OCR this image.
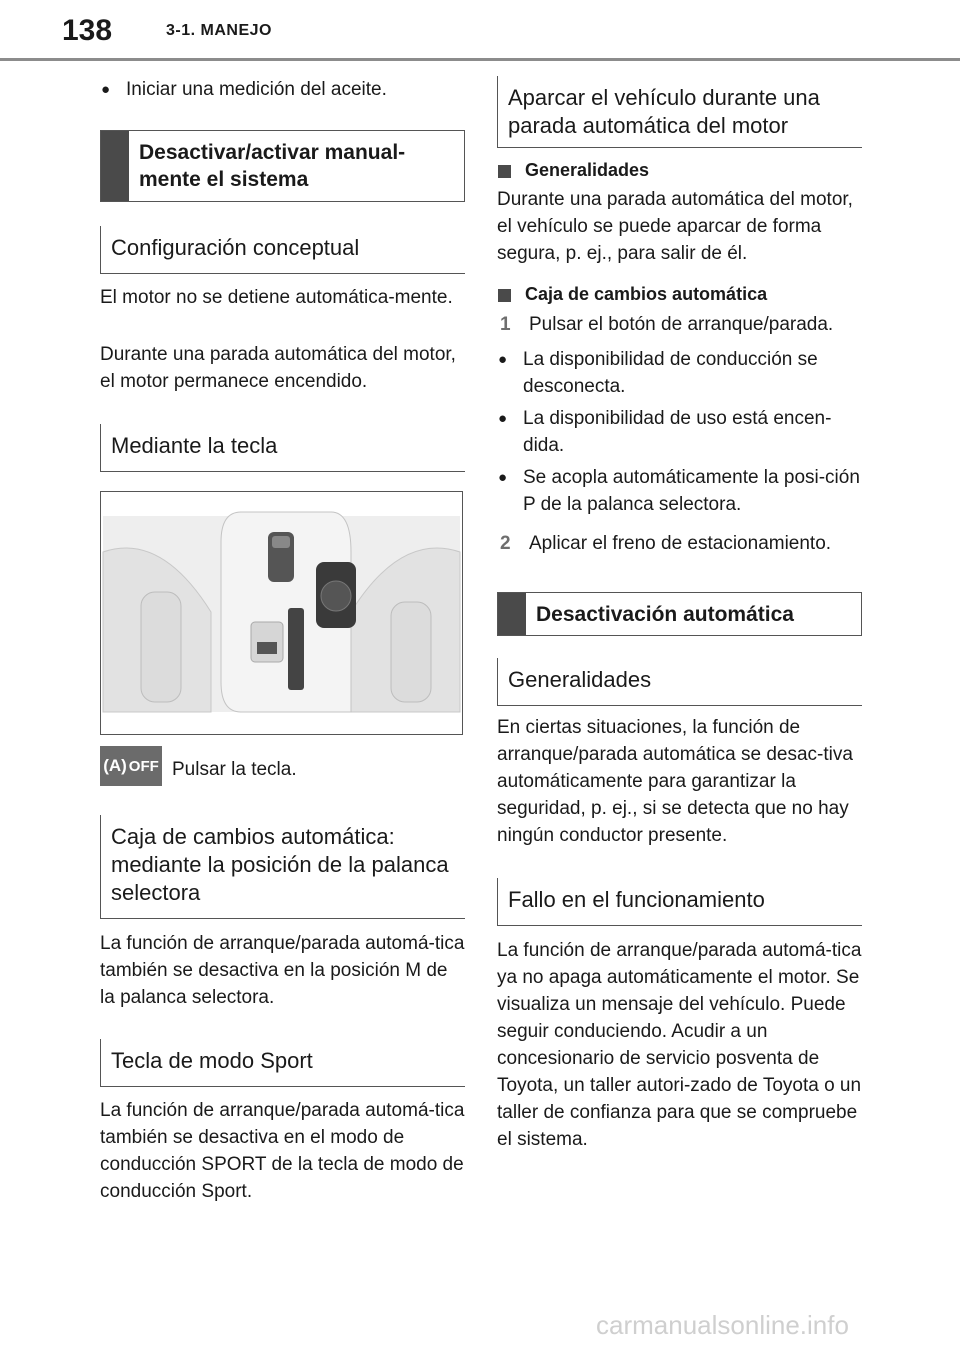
138	3-1. MANEJO
● Iniciar una medición del aceite.
Desactivar/activar manual-mente el sistema
Configuración conceptual

El motor no se detiene automática-mente.

Durante una parada automática del motor, el motor permanece encendido.

Mediante la tecla
(A) OFF Pulsar la tecla.
Caja de cambios automática: mediante la posición de la palanca selectora

La función de arranque/parada automá-tica también se desactiva en la posición M de la palanca selectora.

Tecla de modo Sport

La función de arranque/parada automá-tica también se desactiva en el modo de conducción SPORT de la tecla de modo de conducción Sport.

Aparcar el vehículo durante una parada automática del motor
Generalidades

Durante una parada automática del motor, el vehículo se puede aparcar de forma segura, p. ej., para salir de él.

Caja de cambios automática
1 Pulsar el botón de arranque/parada.
● La disponibilidad de conducción se desconecta.
● La disponibilidad de uso está encen-dida.
● Se acopla automáticamente la posi-ción P de la palanca selectora.
2 Aplicar el freno de estacionamiento.
Desactivación automática
Generalidades

En ciertas situaciones, la función de arranque/parada automática se desac-tiva automáticamente para garantizar la seguridad, p. ej., si se detecta que no hay ningún conductor presente.

Fallo en el funcionamiento

La función de arranque/parada automá-tica ya no apaga automáticamente el motor. Se visualiza un mensaje del vehículo. Puede seguir conduciendo. Acudir a un concesionario de servicio posventa de Toyota, un taller autori-zado de Toyota o un taller de confianza para que se compruebe el sistema.

carmanualsonline.info
